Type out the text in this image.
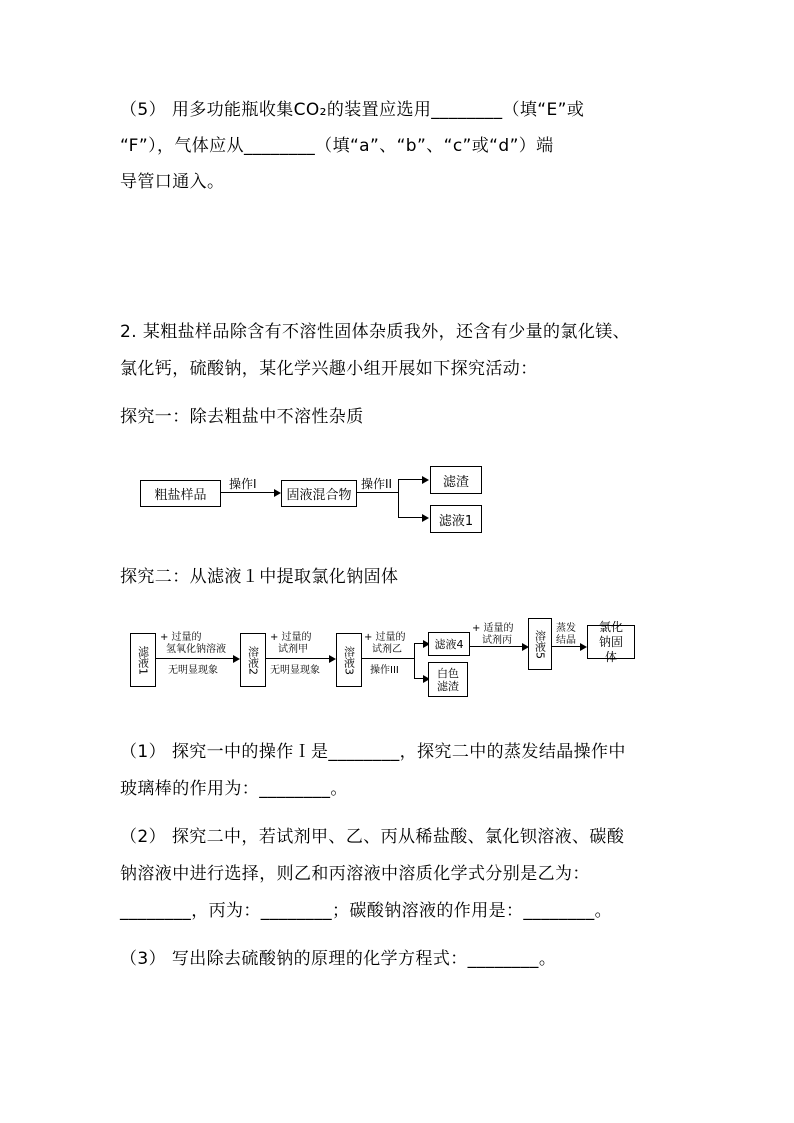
（5） 用多功能瓶收集CO₂的装置应选用________（填“E”或
“F”），气体应从________（填“a”、“b”、“c”或“d”）端
导管口通入。
2. 某粗盐样品除含有不溶性固体杂质我外，还含有少量的氯化镁、
氯化钙，硫酸钠，某化学兴趣小组开展如下探究活动：
探究一：除去粗盐中不溶性杂质
粗盐样品
操作I
固液混合物
操作II	滤渣
滤液1
探究二：从滤液１中提取氯化钠固体
滤液1
+ 过量的
氢氧化钠溶液
无明显现象	溶液2
+ 过量的
试剂甲
无明显现象 溶液3
+ 过量的
试剂乙
操作III
滤液4
白色滤渣
+ 适量的
试剂丙 溶液5
蒸发
结晶
氯化钠固体
（1） 探究一中的操作Ｉ是________，探究二中的蒸发结晶操作中
玻璃棒的作用为：________。
（2） 探究二中，若试剂甲、乙、丙从稀盐酸、氯化钡溶液、碳酸
钠溶液中进行选择，则乙和丙溶液中溶质化学式分别是乙为：
________，丙为：________；碳酸钠溶液的作用是：________。
（3） 写出除去硫酸钠的原理的化学方程式：________。
